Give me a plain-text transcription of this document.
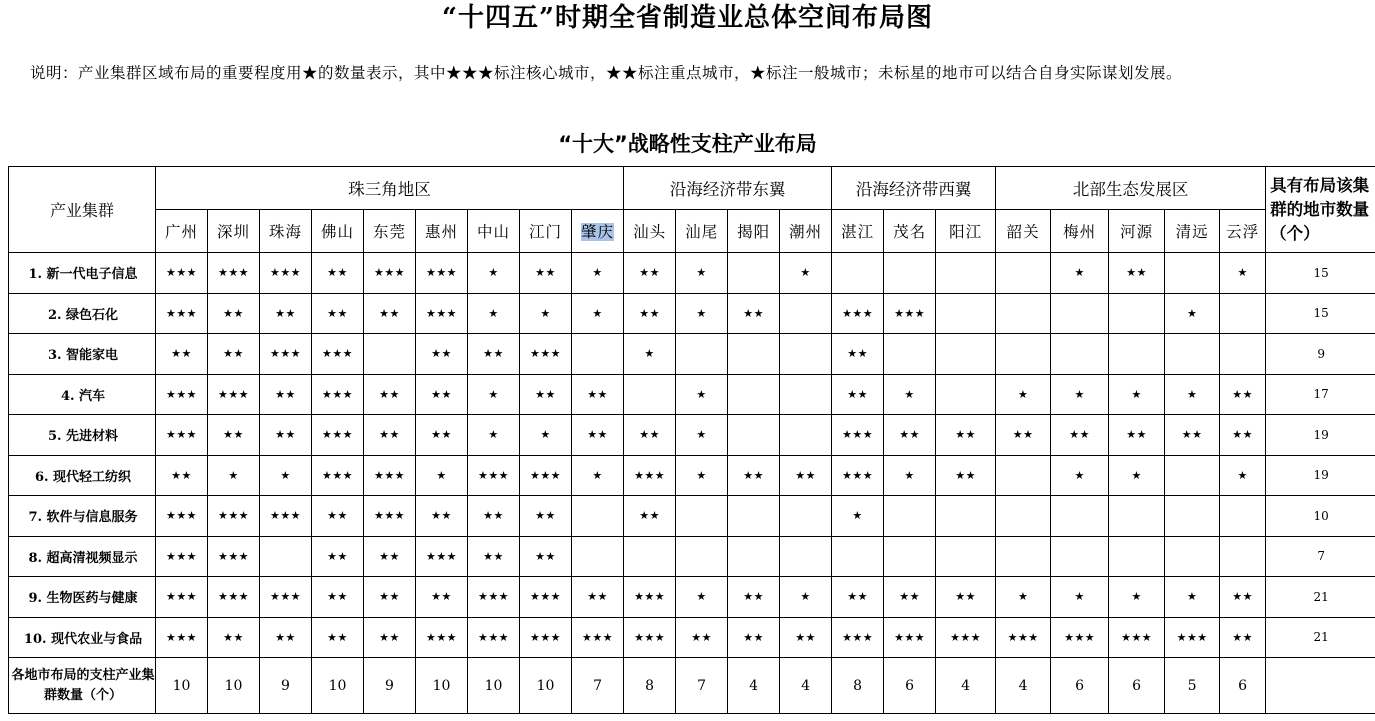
“十四五”时期全省制造业总体空间布局图
说明：产业集群区域布局的重要程度用★的数量表示，其中★★★标注核心城市，★★标注重点城市，★标注一般城市；未标星的地市可以结合自身实际谋划发展。
“十大”战略性支柱产业布局
产业集群	珠三角地区									沿海经济带东翼				沿海经济带西翼			北部生态发展区					具有布局该集群的地市数量（个）
	广州	深圳	珠海	佛山	东莞	惠州	中山	江门	肇庆	汕头	汕尾	揭阳	潮州	湛江	茂名	阳江	韶关	梅州	河源	清远	云浮	
1. 新一代电子信息	★★★	★★★	★★★	★★	★★★	★★★	★	★★	★	★★	★		★					★	★★		★	15
2. 绿色石化	★★★	★★	★★	★★	★★	★★★	★	★	★	★★	★	★★		★★★	★★★					★		15
3. 智能家电	★★	★★	★★★	★★★		★★	★★	★★★		★				★★								9
4. 汽车	★★★	★★★	★★	★★★	★★	★★	★	★★	★★		★			★★	★		★	★	★	★	★★	17
5. 先进材料	★★★	★★	★★	★★★	★★	★★	★	★	★★	★★	★			★★★	★★	★★	★★	★★	★★	★★	★★	19
6. 现代轻工纺织	★★	★	★	★★★	★★★	★	★★★	★★★	★	★★★	★	★★	★★	★★★	★	★★		★	★		★	19
7. 软件与信息服务	★★★	★★★	★★★	★★	★★★	★★	★★	★★		★★				★								10
8. 超高清视频显示	★★★	★★★		★★	★★	★★★	★★	★★														7
9. 生物医药与健康	★★★	★★★	★★★	★★	★★	★★	★★★	★★★	★★	★★★	★	★★	★	★★	★★	★★	★	★	★	★	★★	21
10. 现代农业与食品	★★★	★★	★★	★★	★★	★★★	★★★	★★★	★★★	★★★	★★	★★	★★	★★★	★★★	★★★	★★★	★★★	★★★	★★★	★★	21
各地市布局的支柱产业集群数量（个）	10	10	9	10	9	10	10	10	7	8	7	4	4	8	6	4	4	6	6	5	6	
